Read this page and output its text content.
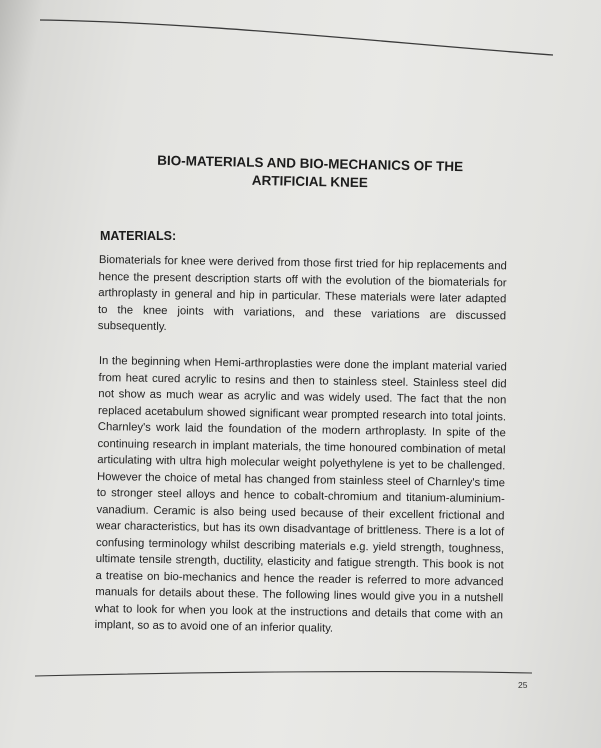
BIO-MATERIALS AND BIO-MECHANICS OF THE ARTIFICIAL KNEE
MATERIALS:
Biomaterials for knee were derived from those first tried for hip replacements and hence the present description starts off with the evolution of the biomaterials for arthroplasty in general and hip in particular. These materials were later adapted to the knee joints with variations, and these variations are discussed subsequently.
In the beginning when Hemi-arthroplasties were done the implant material varied from heat cured acrylic to resins and then to stainless steel. Stainless steel did not show as much wear as acrylic and was widely used. The fact that the non replaced acetabulum showed significant wear prompted research into total joints. Charnley's work laid the foundation of the modern arthroplasty. In spite of the continuing research in implant materials, the time honoured combination of metal articulating with ultra high molecular weight polyethylene is yet to be challenged. However the choice of metal has changed from stainless steel of Charnley's time to stronger steel alloys and hence to cobalt-chromium and titanium-aluminium-vanadium. Ceramic is also being used because of their excellent frictional and wear characteristics, but has its own disadvantage of brittleness. There is a lot of confusing terminology whilst describing materials e.g. yield strength, toughness, ultimate tensile strength, ductility, elasticity and fatigue strength. This book is not a treatise on bio-mechanics and hence the reader is referred to more advanced manuals for details about these. The following lines would give you in a nutshell what to look for when you look at the instructions and details that come with an implant, so as to avoid one of an inferior quality.
25
